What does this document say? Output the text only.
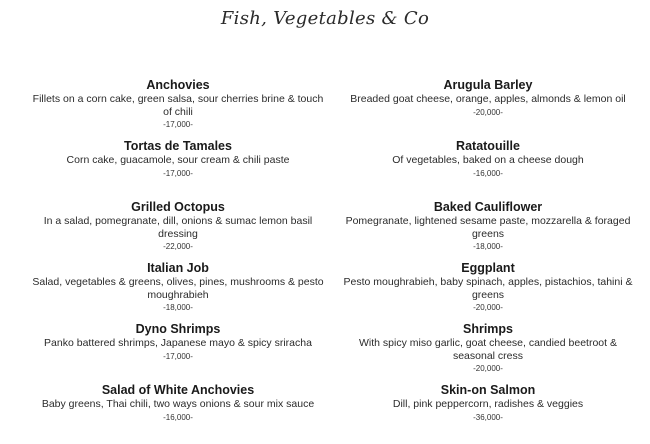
Fish, Vegetables & Co
Anchovies
Fillets on a corn cake, green salsa, sour cherries brine & touch of chili
-17,000-
Tortas de Tamales
Corn cake, guacamole, sour cream & chili paste
-17,000-
Grilled Octopus
In a salad, pomegranate, dill, onions & sumac lemon basil dressing
-22,000-
Italian Job
Salad, vegetables & greens, olives, pines, mushrooms & pesto moughrabieh
-18,000-
Dyno Shrimps
Panko battered shrimps, Japanese mayo & spicy sriracha
-17,000-
Salad of White Anchovies
Baby greens, Thai chili, two ways onions & sour mix sauce
-16,000-
Arugula Barley
Breaded goat cheese, orange, apples, almonds & lemon oil
-20,000-
Ratatouille
Of vegetables, baked on a cheese dough
-16,000-
Baked Cauliflower
Pomegranate, lightened sesame paste, mozzarella & foraged greens
-18,000-
Eggplant
Pesto moughrabieh, baby spinach, apples, pistachios, tahini & greens
-20,000-
Shrimps
With spicy miso garlic, goat cheese, candied beetroot & seasonal cress
-20,000-
Skin-on Salmon
Dill, pink peppercorn, radishes & veggies
-36,000-
